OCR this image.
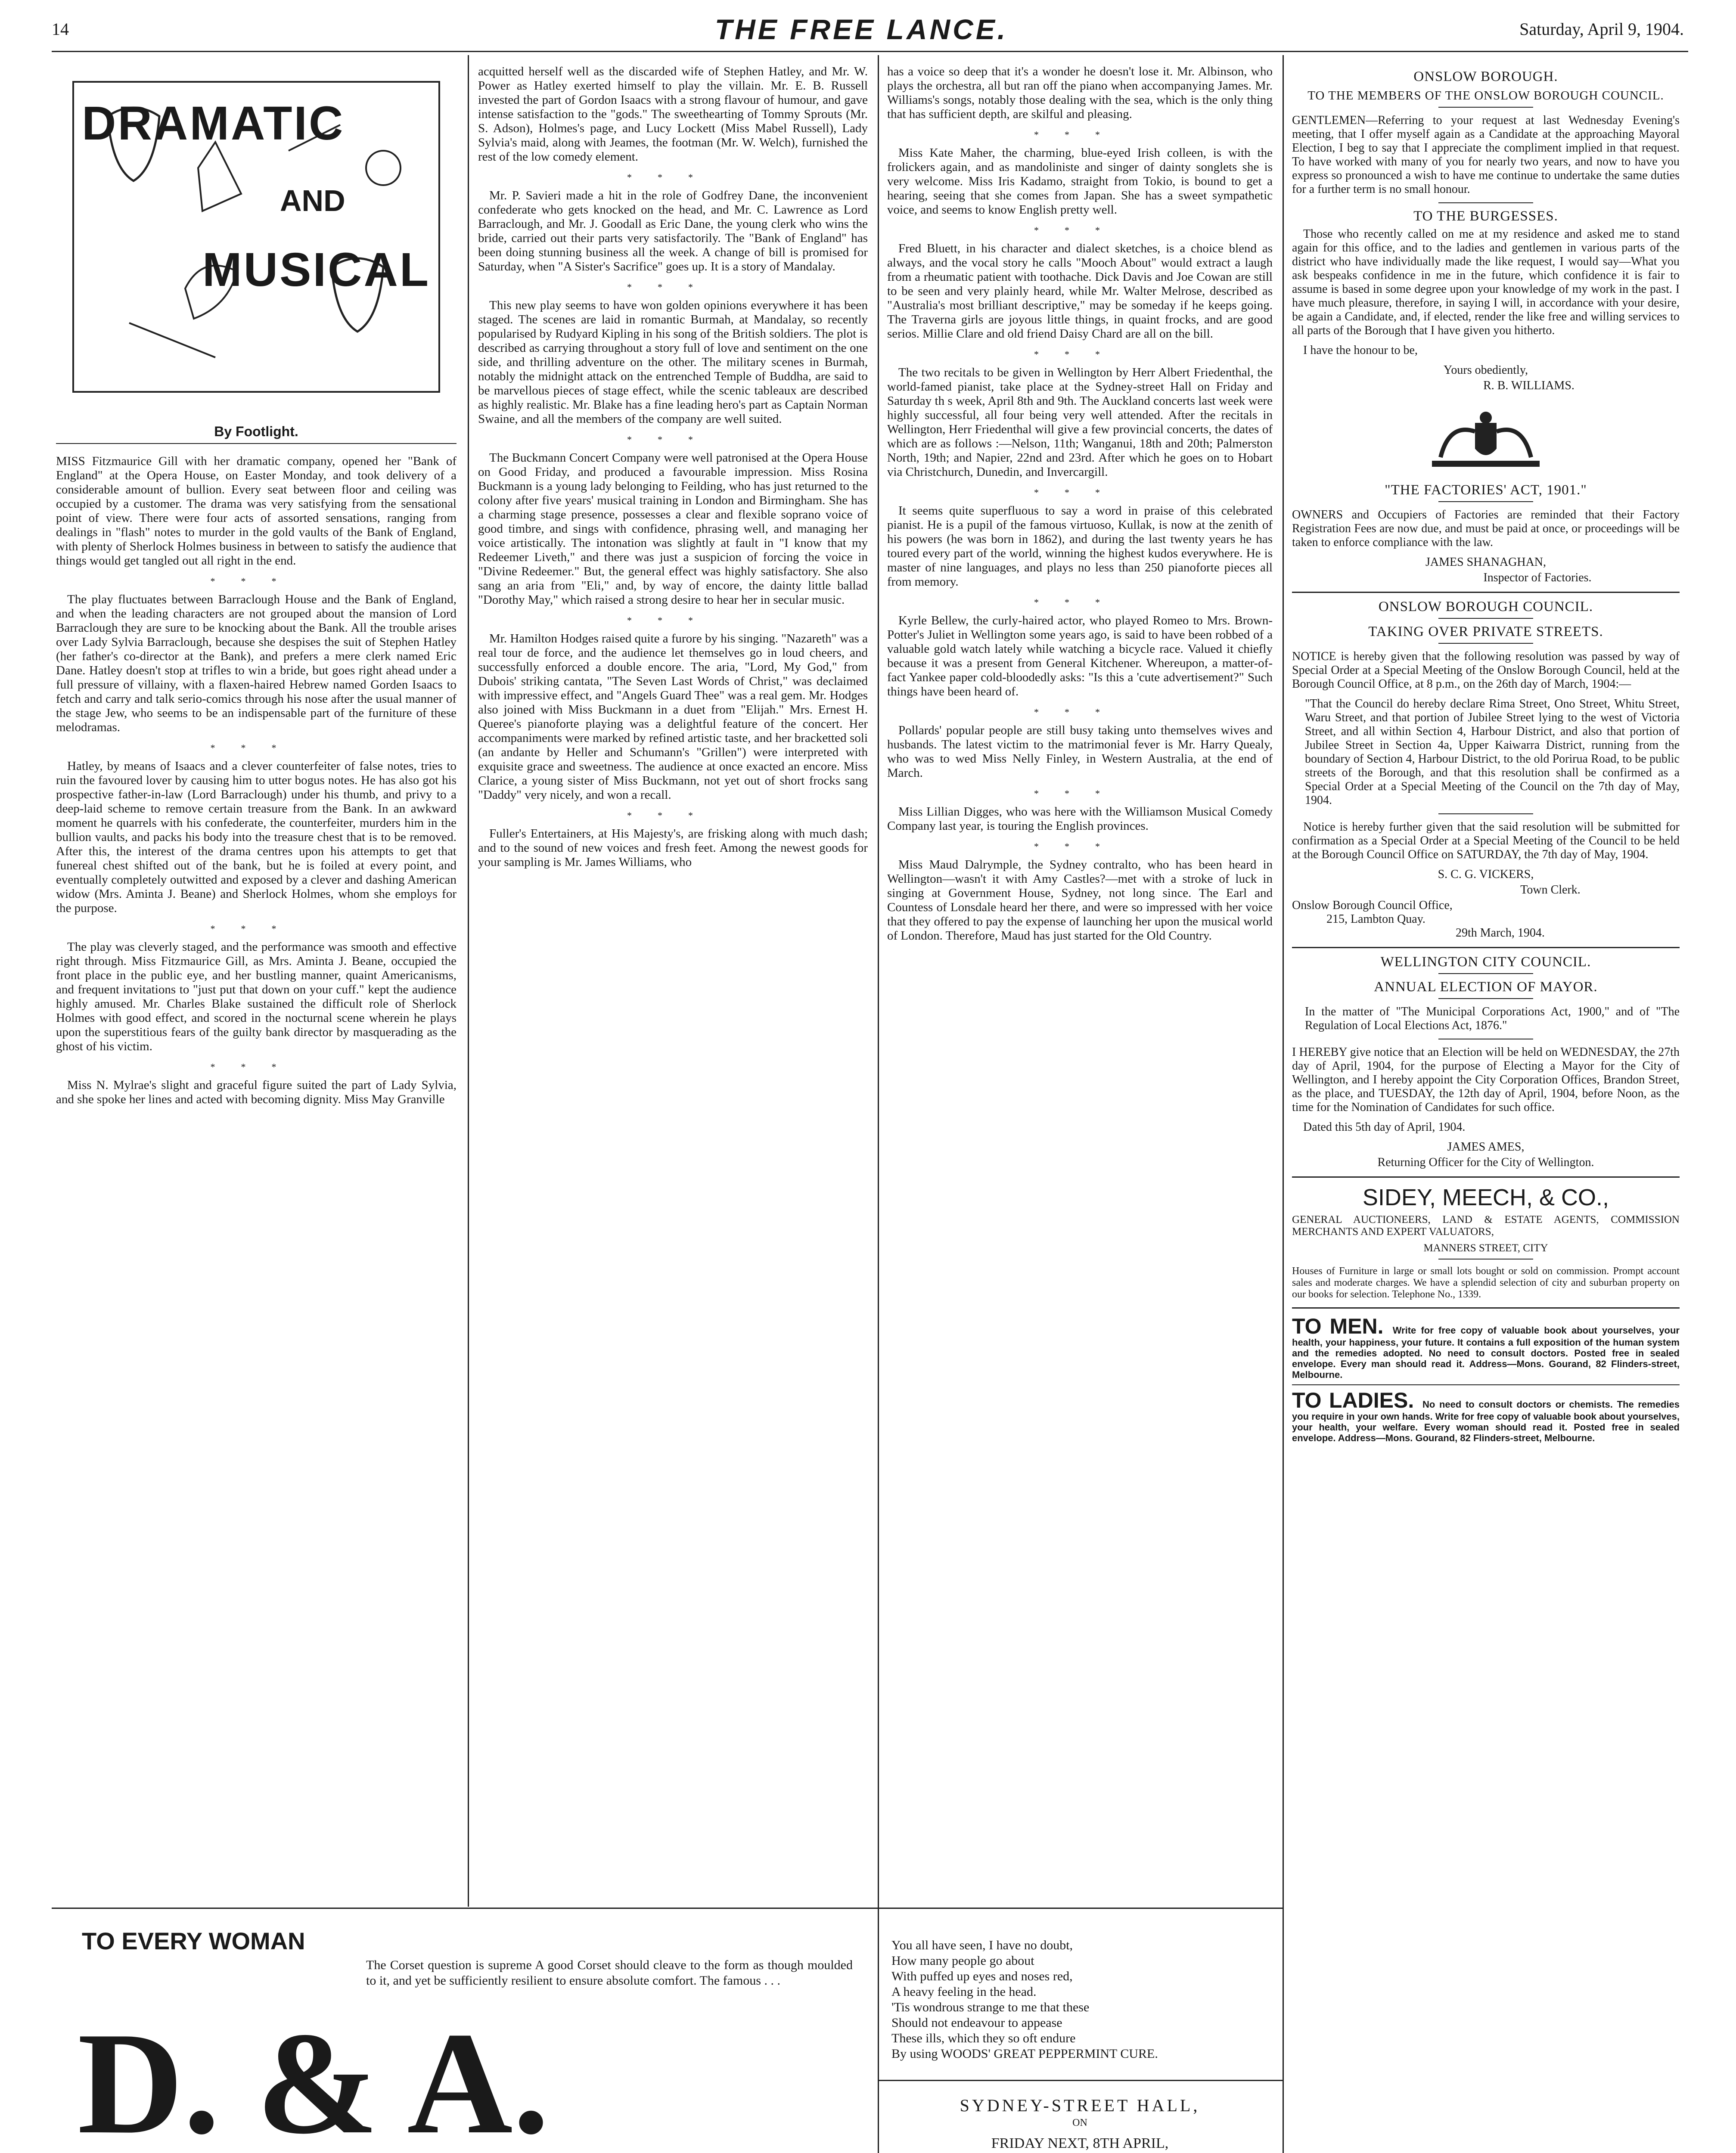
14	THE FREE LANCE.	Saturday, April 9, 1904.
DRAMATIC
AND
MUSICAL
By Footlight.

MISS Fitzmaurice Gill with her dramatic company, opened her "Bank of England" at the Opera House, on Easter Monday, and took delivery of a considerable amount of bullion. Every seat between floor and ceiling was occupied by a customer. The drama was very satisfying from the sensational point of view. There were four acts of assorted sensations, ranging from dealings in "flash" notes to murder in the gold vaults of the Bank of England, with plenty of Sherlock Holmes business in between to satisfy the audience that things would get tangled out all right in the end.

***

The play fluctuates between Barraclough House and the Bank of England, and when the leading characters are not grouped about the mansion of Lord Barraclough they are sure to be knocking about the Bank. All the trouble arises over Lady Sylvia Barraclough, because she despises the suit of Stephen Hatley (her father's co-director at the Bank), and prefers a mere clerk named Eric Dane. Hatley doesn't stop at trifles to win a bride, but goes right ahead under a full pressure of villainy, with a flaxen-haired Hebrew named Gorden Isaacs to fetch and carry and talk serio-comics through his nose after the usual manner of the stage Jew, who seems to be an indispensable part of the furniture of these melodramas.

***

Hatley, by means of Isaacs and a clever counterfeiter of false notes, tries to ruin the favoured lover by causing him to utter bogus notes. He has also got his prospective father-in-law (Lord Barraclough) under his thumb, and privy to a deep-laid scheme to remove certain treasure from the Bank. In an awkward moment he quarrels with his confederate, the counterfeiter, murders him in the bullion vaults, and packs his body into the treasure chest that is to be removed. After this, the interest of the drama centres upon his attempts to get that funereal chest shifted out of the bank, but he is foiled at every point, and eventually completely outwitted and exposed by a clever and dashing American widow (Mrs. Aminta J. Beane) and Sherlock Holmes, whom she employs for the purpose.

***

The play was cleverly staged, and the performance was smooth and effective right through. Miss Fitzmaurice Gill, as Mrs. Aminta J. Beane, occupied the front place in the public eye, and her bustling manner, quaint Americanisms, and frequent invitations to "just put that down on your cuff." kept the audience highly amused. Mr. Charles Blake sustained the difficult role of Sherlock Holmes with good effect, and scored in the nocturnal scene wherein he plays upon the superstitious fears of the guilty bank director by masquerading as the ghost of his victim.

***

Miss N. Mylrae's slight and graceful figure suited the part of Lady Sylvia, and she spoke her lines and acted with becoming dignity. Miss May Granville

acquitted herself well as the discarded wife of Stephen Hatley, and Mr. W. Power as Hatley exerted himself to play the villain. Mr. E. B. Russell invested the part of Gordon Isaacs with a strong flavour of humour, and gave intense satisfaction to the "gods." The sweethearting of Tommy Sprouts (Mr. S. Adson), Holmes's page, and Lucy Lockett (Miss Mabel Russell), Lady Sylvia's maid, along with Jeames, the footman (Mr. W. Welch), furnished the rest of the low comedy element.

***

Mr. P. Savieri made a hit in the role of Godfrey Dane, the inconvenient confederate who gets knocked on the head, and Mr. C. Lawrence as Lord Barraclough, and Mr. J. Goodall as Eric Dane, the young clerk who wins the bride, carried out their parts very satisfactorily. The "Bank of England" has been doing stunning business all the week. A change of bill is promised for Saturday, when "A Sister's Sacrifice" goes up. It is a story of Mandalay.

***

This new play seems to have won golden opinions everywhere it has been staged. The scenes are laid in romantic Burmah, at Mandalay, so recently popularised by Rudyard Kipling in his song of the British soldiers. The plot is described as carrying throughout a story full of love and sentiment on the one side, and thrilling adventure on the other. The military scenes in Burmah, notably the midnight attack on the entrenched Temple of Buddha, are said to be marvellous pieces of stage effect, while the scenic tableaux are described as highly realistic. Mr. Blake has a fine leading hero's part as Captain Norman Swaine, and all the members of the company are well suited.

***

The Buckmann Concert Company were well patronised at the Opera House on Good Friday, and produced a favourable impression. Miss Rosina Buckmann is a young lady belonging to Feilding, who has just returned to the colony after five years' musical training in London and Birmingham. She has a charming stage presence, possesses a clear and flexible soprano voice of good timbre, and sings with confidence, phrasing well, and managing her voice artistically. The intonation was slightly at fault in "I know that my Redeemer Liveth," and there was just a suspicion of forcing the voice in "Divine Redeemer." But, the general effect was highly satisfactory. She also sang an aria from "Eli," and, by way of encore, the dainty little ballad "Dorothy May," which raised a strong desire to hear her in secular music.

***

Mr. Hamilton Hodges raised quite a furore by his singing. "Nazareth" was a real tour de force, and the audience let themselves go in loud cheers, and successfully enforced a double encore. The aria, "Lord, My God," from Dubois' striking cantata, "The Seven Last Words of Christ," was declaimed with impressive effect, and "Angels Guard Thee" was a real gem. Mr. Hodges also joined with Miss Buckmann in a duet from "Elijah." Mrs. Ernest H. Queree's pianoforte playing was a delightful feature of the concert. Her accompaniments were marked by refined artistic taste, and her bracketted soli (an andante by Heller and Schumann's "Grillen") were interpreted with exquisite grace and sweetness. The audience at once exacted an encore. Miss Clarice, a young sister of Miss Buckmann, not yet out of short frocks sang "Daddy" very nicely, and won a recall.

***

Fuller's Entertainers, at His Majesty's, are frisking along with much dash; and to the sound of new voices and fresh feet. Among the newest goods for your sampling is Mr. James Williams, who

has a voice so deep that it's a wonder he doesn't lose it. Mr. Albinson, who plays the orchestra, all but ran off the piano when accompanying James. Mr. Williams's songs, notably those dealing with the sea, which is the only thing that has sufficient depth, are skilful and pleasing.

***

Miss Kate Maher, the charming, blue-eyed Irish colleen, is with the frolickers again, and as mandoliniste and singer of dainty songlets she is very welcome. Miss Iris Kadamo, straight from Tokio, is bound to get a hearing, seeing that she comes from Japan. She has a sweet sympathetic voice, and seems to know English pretty well.

***

Fred Bluett, in his character and dialect sketches, is a choice blend as always, and the vocal story he calls "Mooch About" would extract a laugh from a rheumatic patient with toothache. Dick Davis and Joe Cowan are still to be seen and very plainly heard, while Mr. Walter Melrose, described as "Australia's most brilliant descriptive," may be someday if he keeps going. The Traverna girls are joyous little things, in quaint frocks, and are good serios. Millie Clare and old friend Daisy Chard are all on the bill.

***

The two recitals to be given in Wellington by Herr Albert Friedenthal, the world-famed pianist, take place at the Sydney-street Hall on Friday and Saturday th s week, April 8th and 9th. The Auckland concerts last week were highly successful, all four being very well attended. After the recitals in Wellington, Herr Friedenthal will give a few provincial concerts, the dates of which are as follows :—Nelson, 11th; Wanganui, 18th and 20th; Palmerston North, 19th; and Napier, 22nd and 23rd. After which he goes on to Hobart via Christchurch, Dunedin, and Invercargill.

***

It seems quite superfluous to say a word in praise of this celebrated pianist. He is a pupil of the famous virtuoso, Kullak, is now at the zenith of his powers (he was born in 1862), and during the last twenty years he has toured every part of the world, winning the highest kudos everywhere. He is master of nine languages, and plays no less than 250 pianoforte pieces all from memory.

***

Kyrle Bellew, the curly-haired actor, who played Romeo to Mrs. Brown-Potter's Juliet in Wellington some years ago, is said to have been robbed of a valuable gold watch lately while watching a bicycle race. Valued it chiefly because it was a present from General Kitchener. Whereupon, a matter-of-fact Yankee paper cold-bloodedly asks: "Is this a 'cute advertisement?" Such things have been heard of.

***

Pollards' popular people are still busy taking unto themselves wives and husbands. The latest victim to the matrimonial fever is Mr. Harry Quealy, who was to wed Miss Nelly Finley, in Western Australia, at the end of March.

***

Miss Lillian Digges, who was here with the Williamson Musical Comedy Company last year, is touring the English provinces.

***

Miss Maud Dalrymple, the Sydney contralto, who has been heard in Wellington—wasn't it with Amy Castles?—met with a stroke of luck in singing at Government House, Sydney, not long since. The Earl and Countess of Lonsdale heard her there, and were so impressed with her voice that they offered to pay the expense of launching her upon the musical world of London. Therefore, Maud has just started for the Old Country.

TO EVERY WOMAN
The Corset question is supreme A good Corset should cleave to the form as though moulded to it, and yet be sufficiently resilient to ensure absolute comfort. The famous . . .
D. & A.
You all have seen, I have no doubt,
How many people go about
With puffed up eyes and noses red,
A heavy feeling in the head.
'Tis wondrous strange to me that these
Should not endeavour to appease
These ills, which they so oft endure
By using WOODS' GREAT PEPPERMINT CURE.
SYDNEY-STREET HALL,
ON
FRIDAY NEXT, 8TH APRIL,
ONSLOW BOROUGH.
TO THE MEMBERS OF THE ONSLOW BOROUGH COUNCIL.

GENTLEMEN—Referring to your request at last Wednesday Evening's meeting, that I offer myself again as a Candidate at the approaching Mayoral Election, I beg to say that I appreciate the compliment implied in that request. To have worked with many of you for nearly two years, and now to have you express so pronounced a wish to have me continue to undertake the same duties for a further term is no small honour.

TO THE BURGESSES.

Those who recently called on me at my residence and asked me to stand again for this office, and to the ladies and gentlemen in various parts of the district who have individually made the like request, I would say—What you ask bespeaks confidence in me in the future, which confidence it is fair to assume is based in some degree upon your knowledge of my work in the past. I have much pleasure, therefore, in saying I will, in accordance with your desire, be again a Candidate, and, if elected, render the like free and willing services to all parts of the Borough that I have given you hitherto.

I have the honour to be,

Yours obediently,
R. B. WILLIAMS.
"THE FACTORIES' ACT, 1901."

OWNERS and Occupiers of Factories are reminded that their Factory Registration Fees are now due, and must be paid at once, or proceedings will be taken to enforce compliance with the law.

JAMES SHANAGHAN,
Inspector of Factories.
ONSLOW BOROUGH COUNCIL.
TAKING OVER PRIVATE STREETS.

NOTICE is hereby given that the following resolution was passed by way of Special Order at a Special Meeting of the Onslow Borough Council, held at the Borough Council Office, at 8 p.m., on the 26th day of March, 1904:—

"That the Council do hereby declare Rima Street, Ono Street, Whitu Street, Waru Street, and that portion of Jubilee Street lying to the west of Victoria Street, and all within Section 4, Harbour District, and also that portion of Jubilee Street in Section 4a, Upper Kaiwarra District, running from the boundary of Section 4, Harbour District, to the old Porirua Road, to be public streets of the Borough, and that this resolution shall be confirmed as a Special Order at a Special Meeting of the Council on the 7th day of May, 1904.

Notice is hereby further given that the said resolution will be submitted for confirmation as a Special Order at a Special Meeting of the Council to be held at the Borough Council Office on SATURDAY, the 7th day of May, 1904.

S. C. G. VICKERS,
Town Clerk.
Onslow Borough Council Office,
215, Lambton Quay.
29th March, 1904.
WELLINGTON CITY COUNCIL.
ANNUAL ELECTION OF MAYOR.

In the matter of "The Municipal Corporations Act, 1900," and of "The Regulation of Local Elections Act, 1876."

I HEREBY give notice that an Election will be held on WEDNESDAY, the 27th day of April, 1904, for the purpose of Electing a Mayor for the City of Wellington, and I hereby appoint the City Corporation Offices, Brandon Street, as the place, and TUESDAY, the 12th day of April, 1904, before Noon, as the time for the Nomination of Candidates for such office.

Dated this 5th day of April, 1904.

JAMES AMES,
Returning Officer for the City of Wellington.
SIDEY, MEECH, & CO.,
GENERAL AUCTIONEERS, LAND & ESTATE AGENTS, COMMISSION MERCHANTS AND EXPERT VALUATORS,
MANNERS STREET, CITY
Houses of Furniture in large or small lots bought or sold on commission. Prompt account sales and moderate charges. We have a splendid selection of city and suburban property on our books for selection. Telephone No., 1339.
TO MEN. Write for free copy of valuable book about yourselves, your health, your happiness, your future. It contains a full exposition of the human system and the remedies adopted. No need to consult doctors. Posted free in sealed envelope. Every man should read it. Address—Mons. Gourand, 82 Flinders-street, Melbourne.
TO LADIES. No need to consult doctors or chemists. The remedies you require in your own hands. Write for free copy of valuable book about yourselves, your health, your welfare. Every woman should read it. Posted free in sealed envelope. Address—Mons. Gourand, 82 Flinders-street, Melbourne.
